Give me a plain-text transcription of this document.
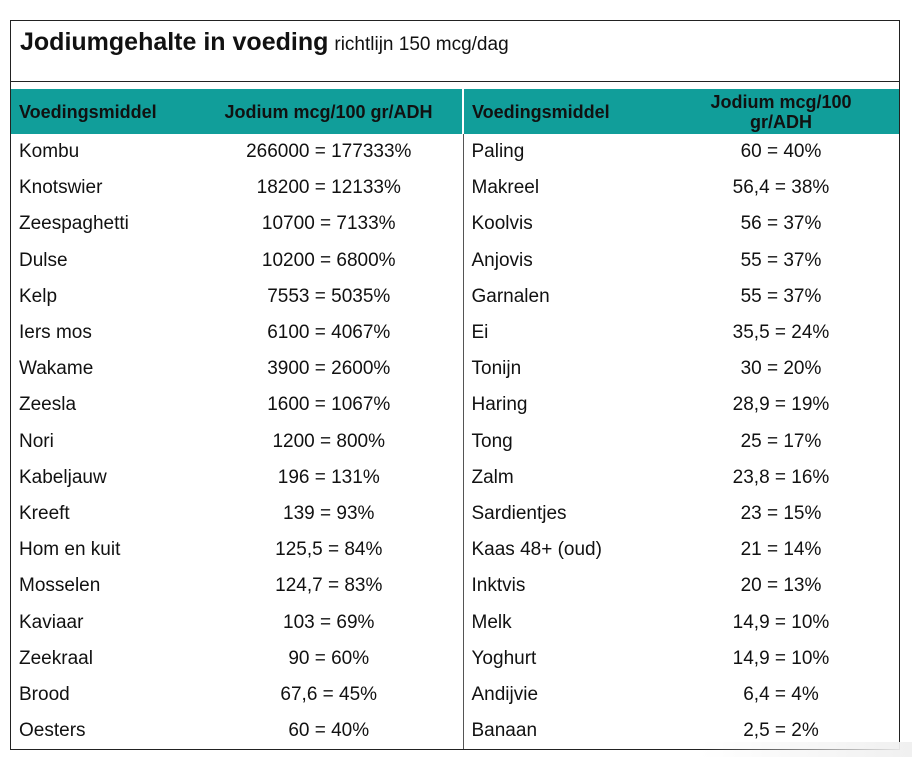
Jodiumgehalte in voeding richtlijn 150 mcg/dag
Voedingsmiddel	Jodium mcg/100 gr/ADH	Voedingsmiddel	Jodium mcg/100
gr/ADH
Kombu	266000 = 177333%	Paling	60 = 40%
Knotswier	18200 = 12133%	Makreel	56,4 = 38%
Zeespaghetti	10700 = 7133%	Koolvis	56 = 37%
Dulse	10200 = 6800%	Anjovis	55 = 37%
Kelp	7553 = 5035%	Garnalen	55 = 37%
Iers mos	6100 = 4067%	Ei	35,5 = 24%
Wakame	3900 = 2600%	Tonijn	30 = 20%
Zeesla	1600 = 1067%	Haring	28,9 = 19%
Nori	1200 = 800%	Tong	25 = 17%
Kabeljauw	196 = 131%	Zalm	23,8 = 16%
Kreeft	139 = 93%	Sardientjes	23 = 15%
Hom en kuit	125,5 = 84%	Kaas 48+ (oud)	21 = 14%
Mosselen	124,7 = 83%	Inktvis	20 = 13%
Kaviaar	103 = 69%	Melk	14,9 = 10%
Zeekraal	90 = 60%	Yoghurt	14,9 = 10%
Brood	67,6 = 45%	Andijvie	6,4 = 4%
Oesters	60 = 40%	Banaan	2,5 = 2%
